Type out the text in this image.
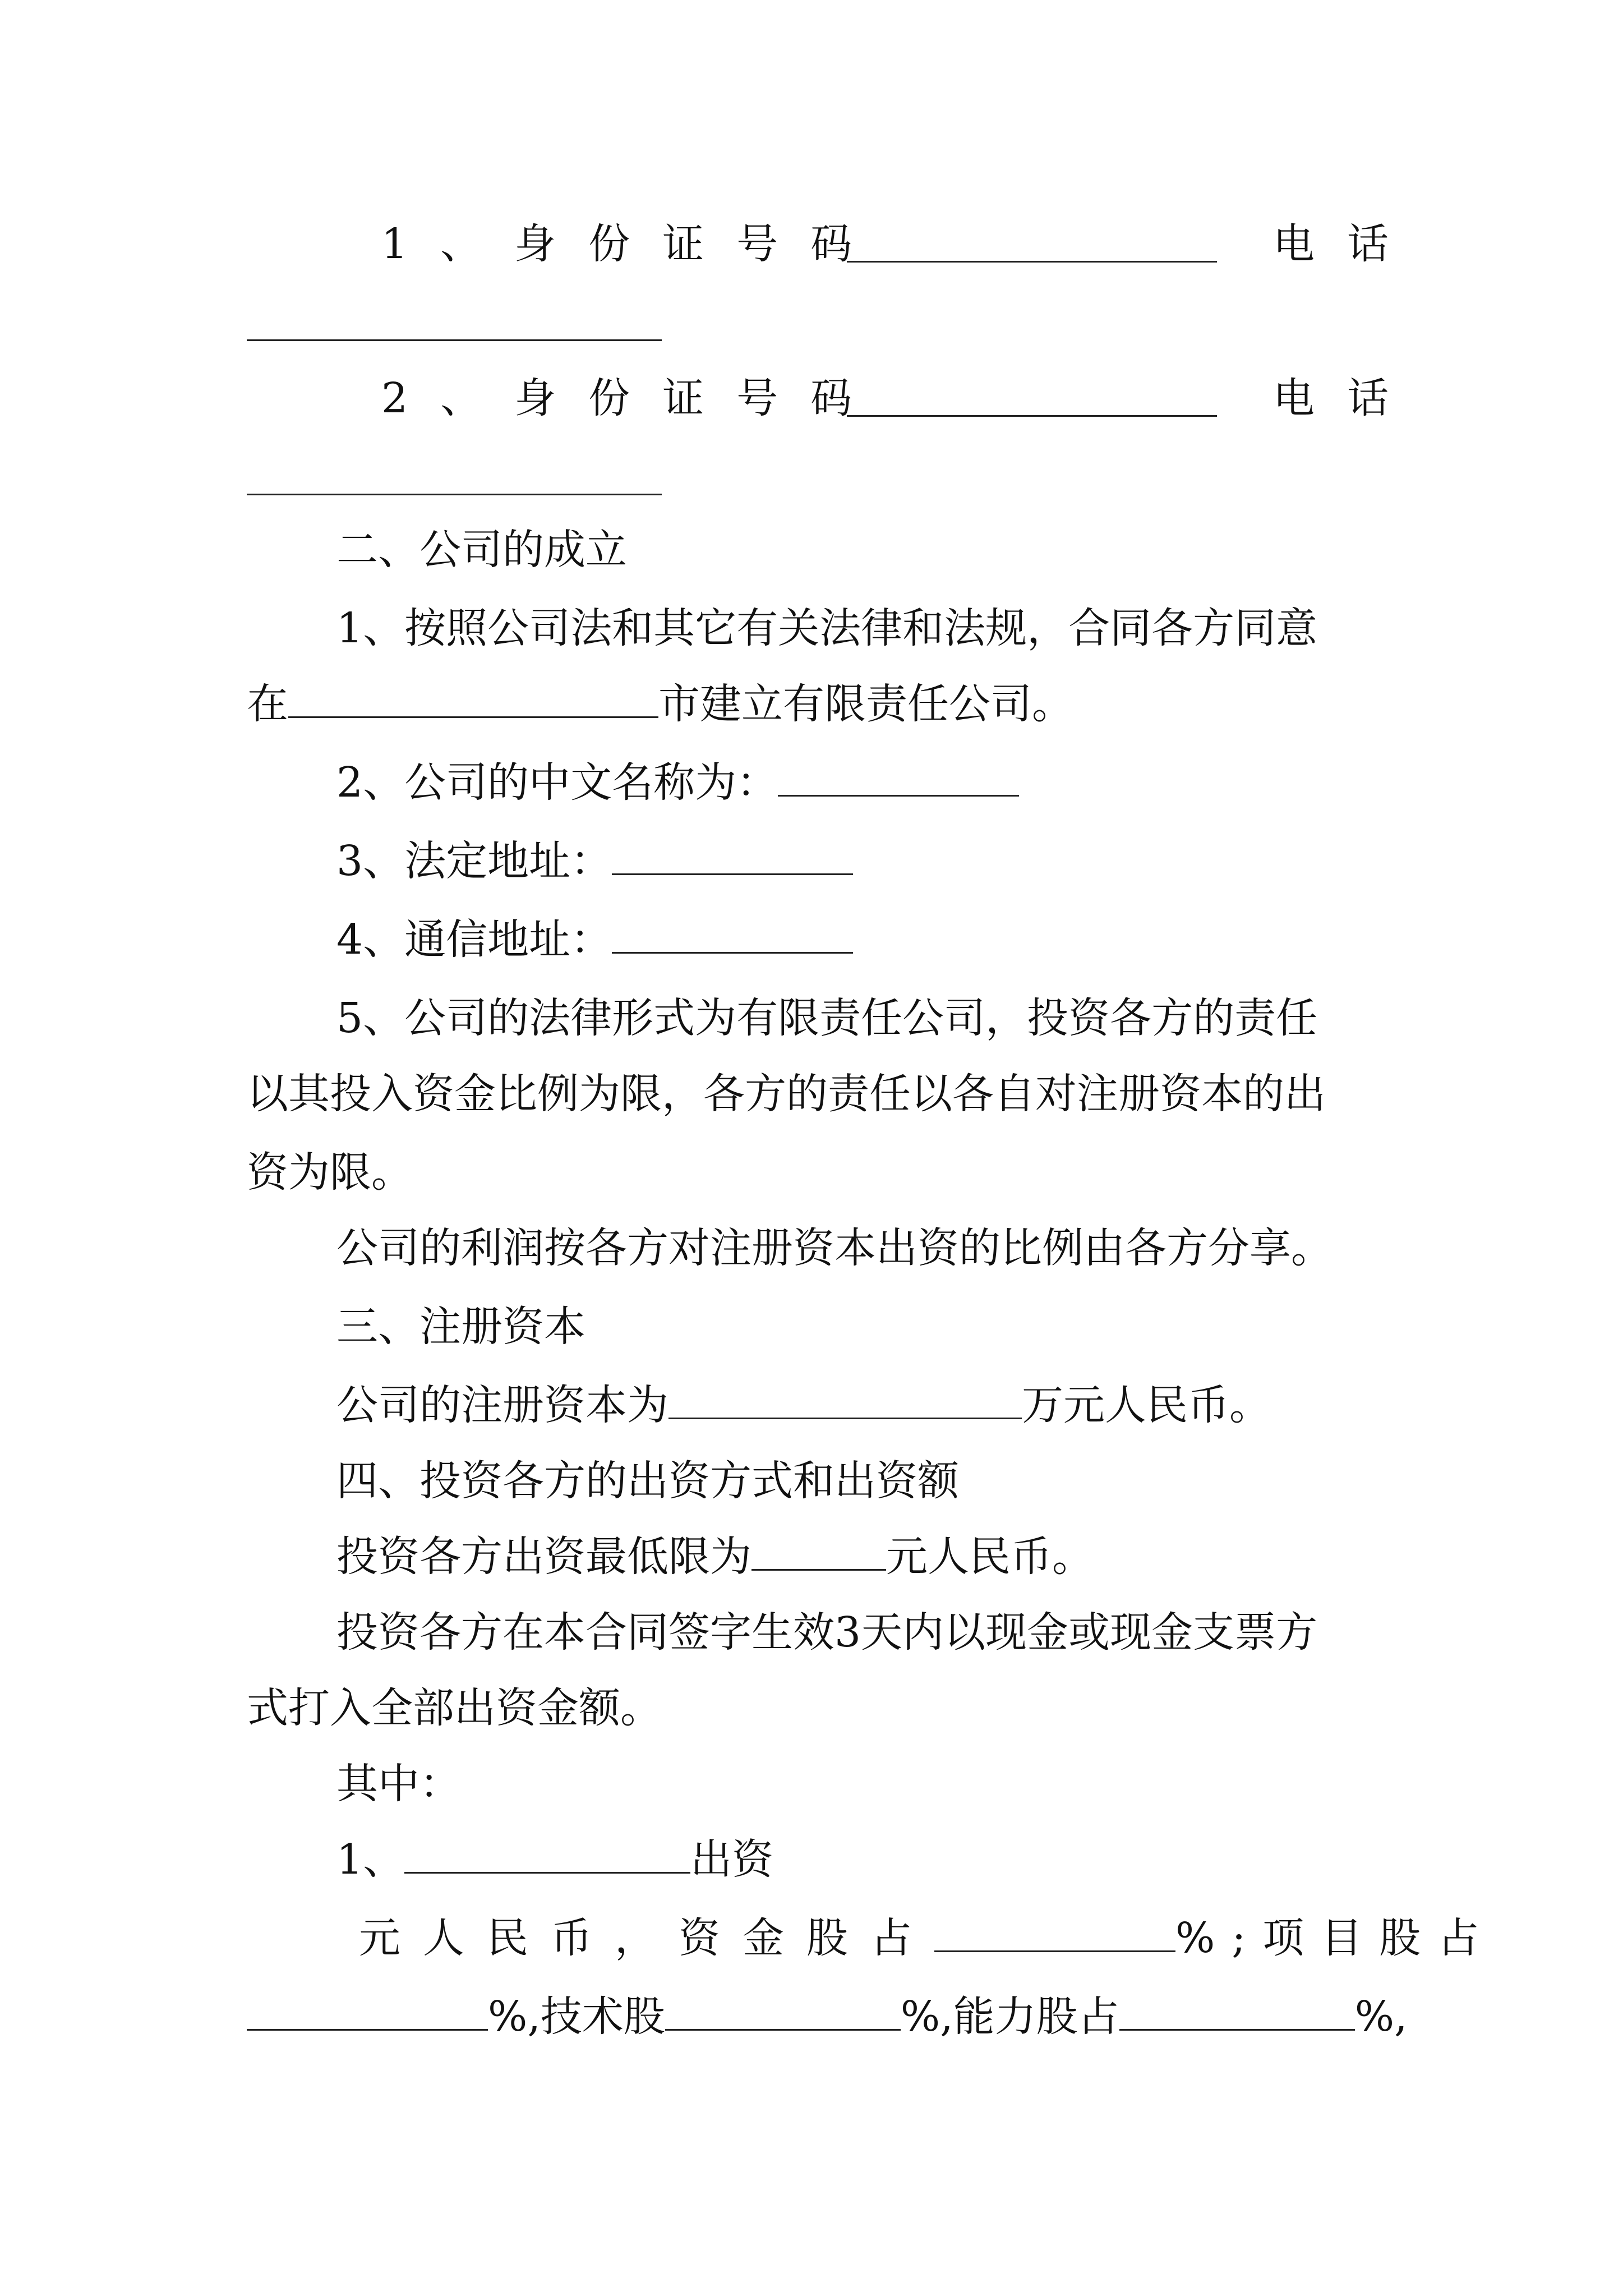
1、身份证号码	电话
2、身份证号码	电话
二、公司的成立
1、按照公司法和其它有关法律和法规，合同各方同意
在	市建立有限责任公司。
2、公司的中文名称为：
3、法定地址：
4、通信地址：
5、公司的法律形式为有限责任公司，投资各方的责任
以其投入资金比例为限，各方的责任以各自对注册资本的出
资为限。
公司的利润按各方对注册资本出资的比例由各方分享。
三、注册资本
公司的注册资本为	万元人民币。
四、投资各方的出资方式和出资额
投资各方出资最低限为	元人民币。
投资各方在本合同签字生效3天内以现金或现金支票方
式打入全部出资金额。
其中：
1、	出资
元人民币，资金股占	%;项目股占
%,技术股	%,能力股占	%,
